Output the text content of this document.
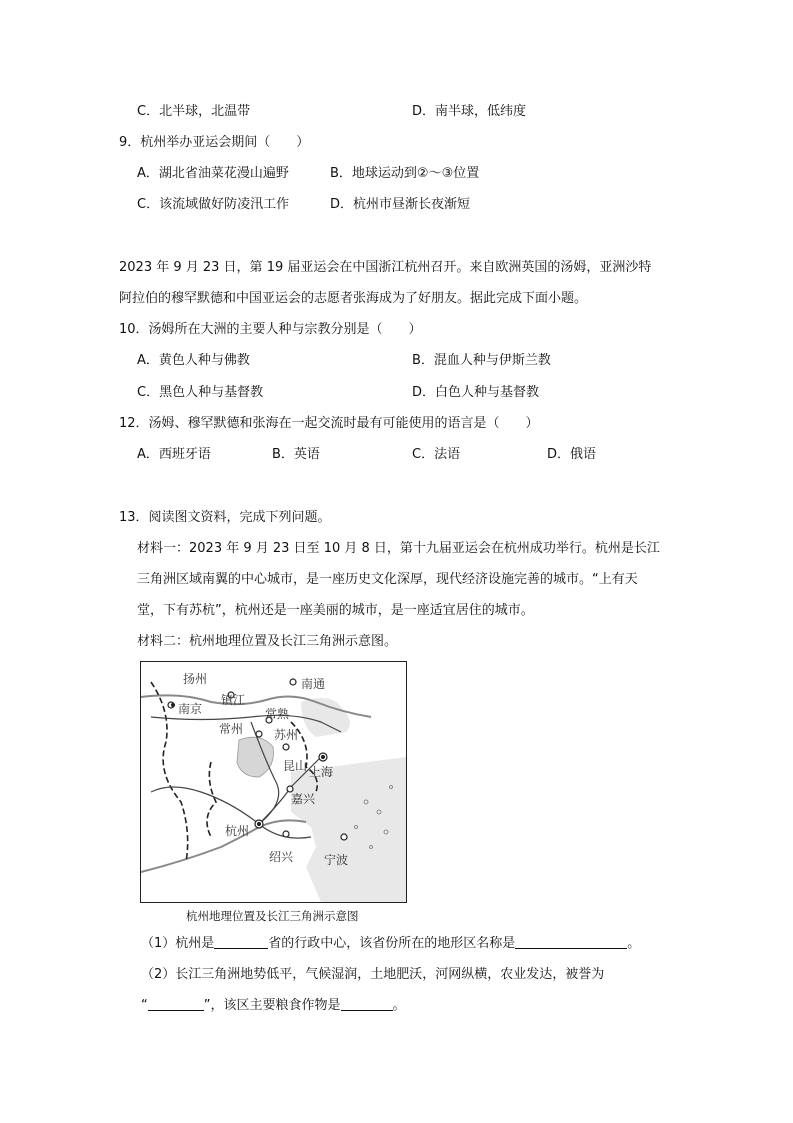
C．北半球，北温带	D．南半球，低纬度
9．杭州举办亚运会期间（　　）
A．湖北省油菜花漫山遍野	B．地球运动到②～③位置
C．该流域做好防凌汛工作	D．杭州市昼渐长夜渐短
2023 年 9 月 23 日，第 19 届亚运会在中国浙江杭州召开。来自欧洲英国的汤姆，亚洲沙特
阿拉伯的穆罕默德和中国亚运会的志愿者张海成为了好朋友。据此完成下面小题。
10．汤姆所在大洲的主要人种与宗教分别是（　　）
A．黄色人种与佛教	B．混血人种与伊斯兰教
C．黑色人种与基督教	D．白色人种与基督教
12．汤姆、穆罕默德和张海在一起交流时最有可能使用的语言是（　　）
A．西班牙语	B．英语	C．法语	D．俄语
13．阅读图文资料，完成下列问题。
材料一：2023 年 9 月 23 日至 10 月 8 日，第十九届亚运会在杭州成功举行。杭州是长江
三角洲区域南翼的中心城市，是一座历史文化深厚，现代经济设施完善的城市。“上有天
堂，下有苏杭”，杭州还是一座美丽的城市，是一座适宜居住的城市。
材料二：杭州地理位置及长江三角洲示意图。
扬州
南京
镇江
南通
常熟
常州	苏州
昆山 上海
嘉兴
杭州
绍兴	宁波
杭州地理位置及长江三角洲示意图
（1）杭州是	省的行政中心，该省份所在的地形区名称是	。
（2）长江三角洲地势低平，气候湿润，土地肥沃，河网纵横，农业发达，被誉为
“	”，该区主要粮食作物是	。
